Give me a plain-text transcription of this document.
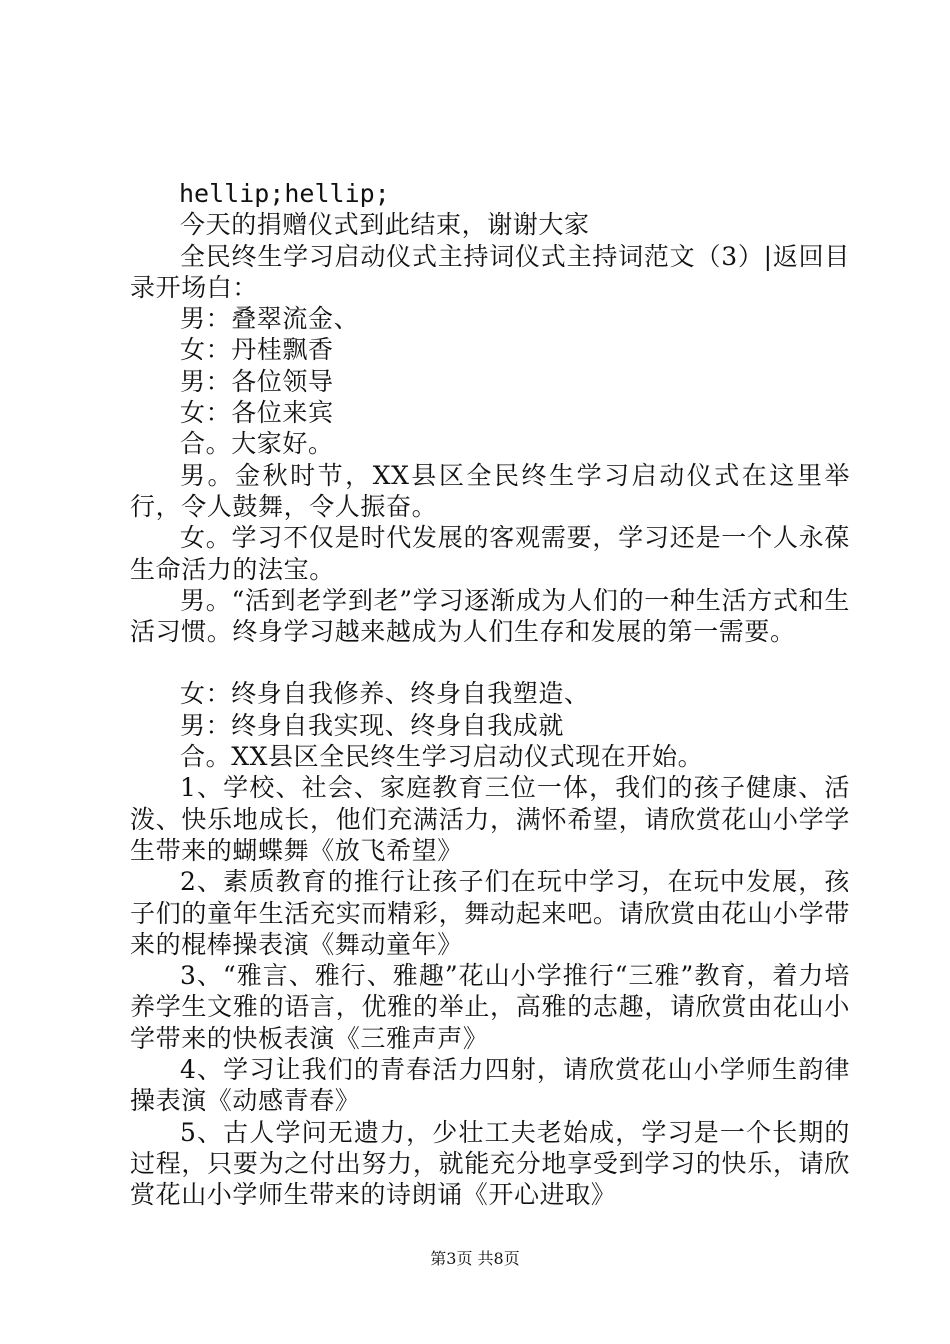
hellip;hellip;

今天的捐赠仪式到此结束，谢谢大家

全民终生学习启动仪式主持词仪式主持词范文（3）|返回目录开场白：

男：叠翠流金、

女：丹桂飘香

男：各位领导

女：各位来宾

合。大家好。

男。金秋时节，XX县区全民终生学习启动仪式在这里举行，令人鼓舞，令人振奋。

女。学习不仅是时代发展的客观需要，学习还是一个人永葆生命活力的法宝。

男。“活到老学到老”学习逐渐成为人们的一种生活方式和生活习惯。终身学习越来越成为人们生存和发展的第一需要。

女：终身自我修养、终身自我塑造、

男：终身自我实现、终身自我成就

合。XX县区全民终生学习启动仪式现在开始。

1、学校、社会、家庭教育三位一体，我们的孩子健康、活泼、快乐地成长，他们充满活力，满怀希望，请欣赏花山小学学生带来的蝴蝶舞《放飞希望》

2、素质教育的推行让孩子们在玩中学习，在玩中发展，孩子们的童年生活充实而精彩，舞动起来吧。请欣赏由花山小学带来的棍棒操表演《舞动童年》

3、“雅言、雅行、雅趣”花山小学推行“三雅”教育，着力培养学生文雅的语言，优雅的举止，高雅的志趣，请欣赏由花山小学带来的快板表演《三雅声声》

4、学习让我们的青春活力四射，请欣赏花山小学师生韵律操表演《动感青春》

5、古人学问无遗力，少壮工夫老始成，学习是一个长期的过程，只要为之付出努力，就能充分地享受到学习的快乐，请欣赏花山小学师生带来的诗朗诵《开心进取》

第3页 共8页
